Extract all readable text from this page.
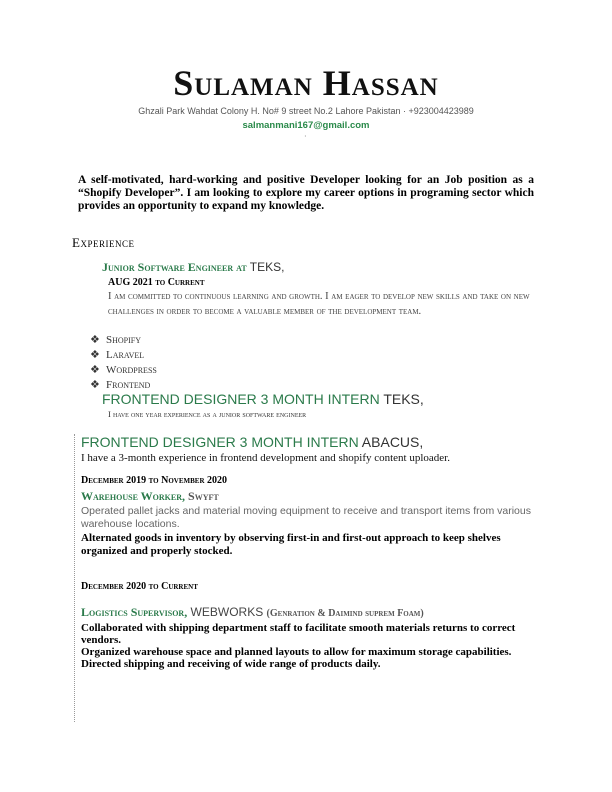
Sulaman Hassan
Ghzali Park Wahdat Colony H. No# 9 street No.2 Lahore Pakistan · +923004423989
salmanmani167@gmail.com
·
A self-motivated, hard-working and positive Developer looking for an Job position as a “Shopify Developer”. I am looking to explore my career options in programing sector which provides an opportunity to expand my knowledge.
Experience
Junior Software Engineer at TEKS,
AUG 2021 to Current
I am committed to continuous learning and growth. I am eager to develop new skills and take on new challenges in order to become a valuable member of the development team.
❖ Shopify
❖ Laravel
❖ Wordpress
❖ Frontend
FRONTEND DESIGNER 3 MONTH INTERN TEKS,
I have one year experience as a junior software engineer
FRONTEND DESIGNER 3 MONTH INTERN ABACUS,
I have a 3-month experience in frontend development and shopify content uploader.
December 2019 to November 2020
Warehouse Worker, Swyft
Operated pallet jacks and material moving equipment to receive and transport items from various warehouse locations.
Alternated goods in inventory by observing first-in and first-out approach to keep shelves organized and properly stocked.
December 2020 to Current
Logistics Supervisor, WEBWORKS (Genration & Daimind suprem Foam)
Collaborated with shipping department staff to facilitate smooth materials returns to correct vendors.
Organized warehouse space and planned layouts to allow for maximum storage capabilities.
Directed shipping and receiving of wide range of products daily.
